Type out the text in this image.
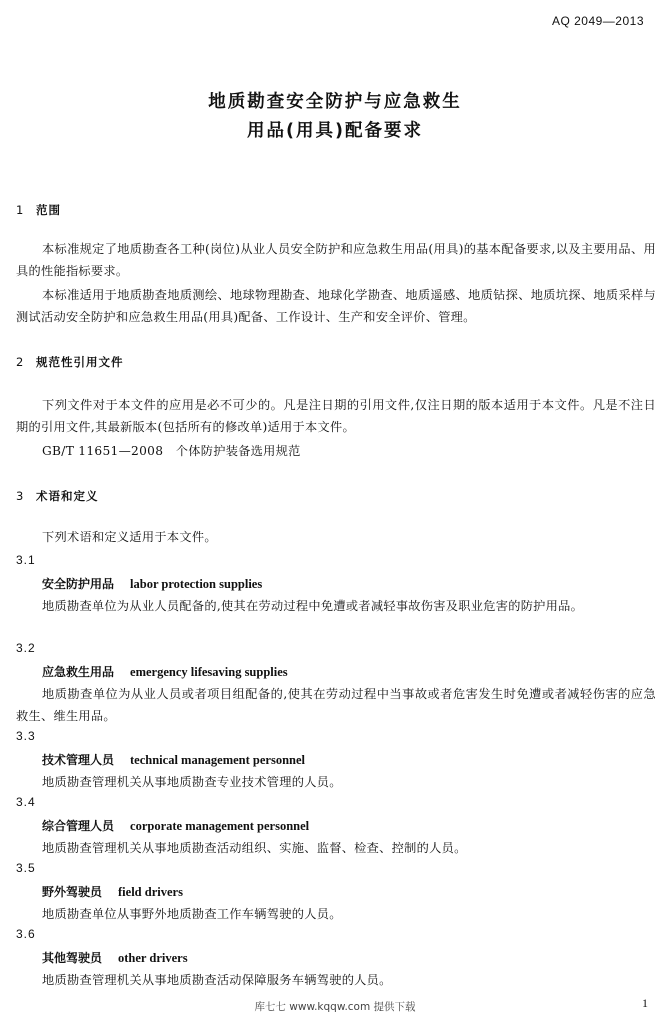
AQ 2049—2013
地质勘查安全防护与应急救生
用品(用具)配备要求
1 范围
本标准规定了地质勘查各工种(岗位)从业人员安全防护和应急救生用品(用具)的基本配备要求,以及主要用品、用具的性能指标要求。
本标准适用于地质勘查地质测绘、地球物理勘查、地球化学勘查、地质遥感、地质钻探、地质坑探、地质采样与测试活动安全防护和应急救生用品(用具)配备、工作设计、生产和安全评价、管理。
2 规范性引用文件
下列文件对于本文件的应用是必不可少的。凡是注日期的引用文件,仅注日期的版本适用于本文件。凡是不注日期的引用文件,其最新版本(包括所有的修改单)适用于本文件。
GB/T 11651—2008　个体防护装备选用规范
3 术语和定义
下列术语和定义适用于本文件。
3.1
安全防护用品 labor protection supplies
地质勘查单位为从业人员配备的,使其在劳动过程中免遭或者减轻事故伤害及职业危害的防护用品。
3.2
应急救生用品 emergency lifesaving supplies
地质勘查单位为从业人员或者项目组配备的,使其在劳动过程中当事故或者危害发生时免遭或者减轻伤害的应急救生、维生用品。
3.3
技术管理人员 technical management personnel
地质勘查管理机关从事地质勘查专业技术管理的人员。
3.4
综合管理人员 corporate management personnel
地质勘查管理机关从事地质勘查活动组织、实施、监督、检查、控制的人员。
3.5
野外驾驶员 field drivers
地质勘查单位从事野外地质勘查工作车辆驾驶的人员。
3.6
其他驾驶员 other drivers
地质勘查管理机关从事地质勘查活动保障服务车辆驾驶的人员。
库七七 www.kqqw.com 提供下载	1
